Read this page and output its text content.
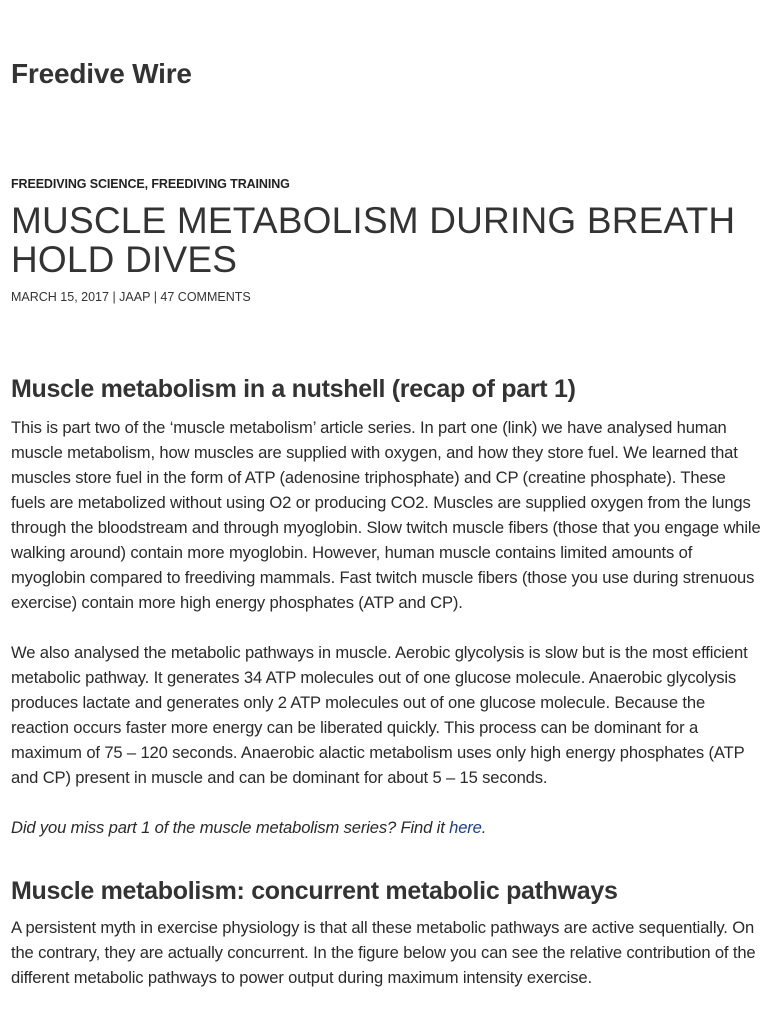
Freedive Wire
FREEDIVING SCIENCE, FREEDIVING TRAINING
MUSCLE METABOLISM DURING BREATH HOLD DIVES
MARCH 15, 2017 | JAAP | 47 COMMENTS
Muscle metabolism in a nutshell (recap of part 1)

This is part two of the ‘muscle metabolism’ article series. In part one (link) we have analysed human muscle metabolism, how muscles are supplied with oxygen, and how they store fuel. We learned that muscles store fuel in the form of ATP (adenosine triphosphate) and CP (creatine phosphate). These fuels are metabolized without using O2 or producing CO2. Muscles are supplied oxygen from the lungs through the bloodstream and through myoglobin. Slow twitch muscle fibers (those that you engage while walking around) contain more myoglobin. However, human muscle contains limited amounts of myoglobin compared to freediving mammals. Fast twitch muscle fibers (those you use during strenuous exercise) contain more high energy phosphates (ATP and CP).

We also analysed the metabolic pathways in muscle. Aerobic glycolysis is slow but is the most efficient metabolic pathway. It generates 34 ATP molecules out of one glucose molecule. Anaerobic glycolysis produces lactate and generates only 2 ATP molecules out of one glucose molecule. Because the reaction occurs faster more energy can be liberated quickly. This process can be dominant for a maximum of 75 – 120 seconds. Anaerobic alactic metabolism uses only high energy phosphates (ATP and CP) present in muscle and can be dominant for about 5 – 15 seconds.

Did you miss part 1 of the muscle metabolism series? Find it here.

Muscle metabolism: concurrent metabolic pathways

A persistent myth in exercise physiology is that all these metabolic pathways are active sequentially. On the contrary, they are actually concurrent. In the figure below you can see the relative contribution of the different metabolic pathways to power output during maximum intensity exercise.
